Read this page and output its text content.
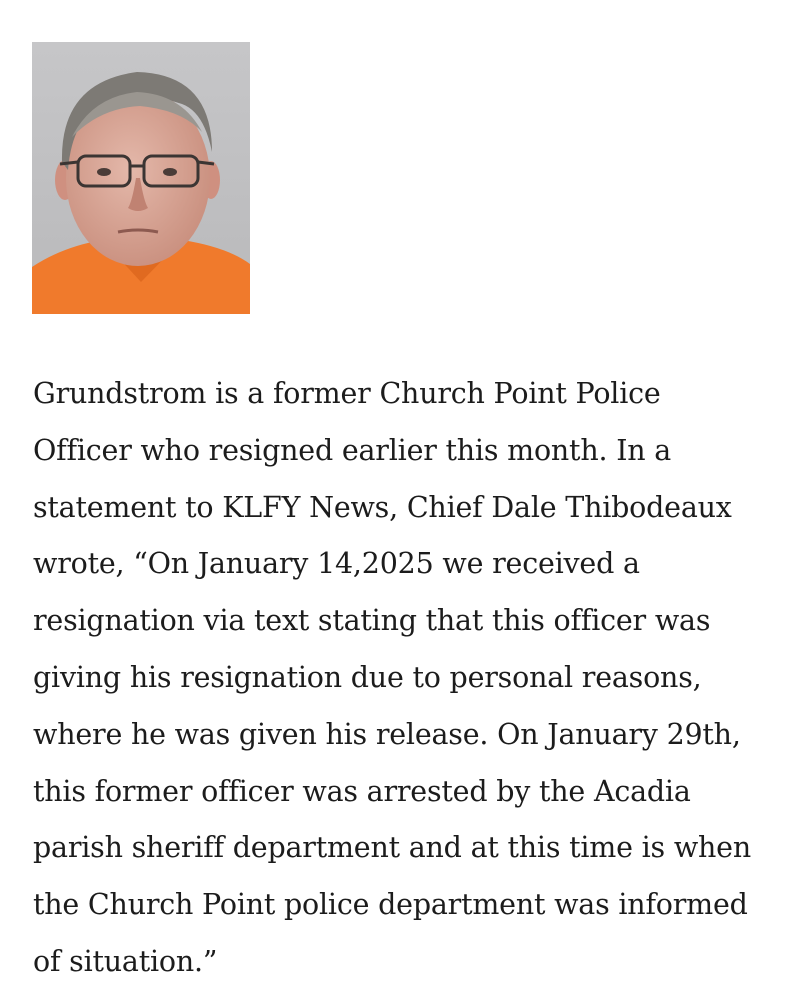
Grundstrom is a former Church Point Police
Officer who resigned earlier this month. In a
statement to KLFY News, Chief Dale Thibodeaux
wrote, “On January 14,2025 we received a
resignation via text stating that this officer was
giving his resignation due to personal reasons,
where he was given his release. On January 29th,
this former officer was arrested by the Acadia
parish sheriff department and at this time is when
the Church Point police department was informed
of situation.”
